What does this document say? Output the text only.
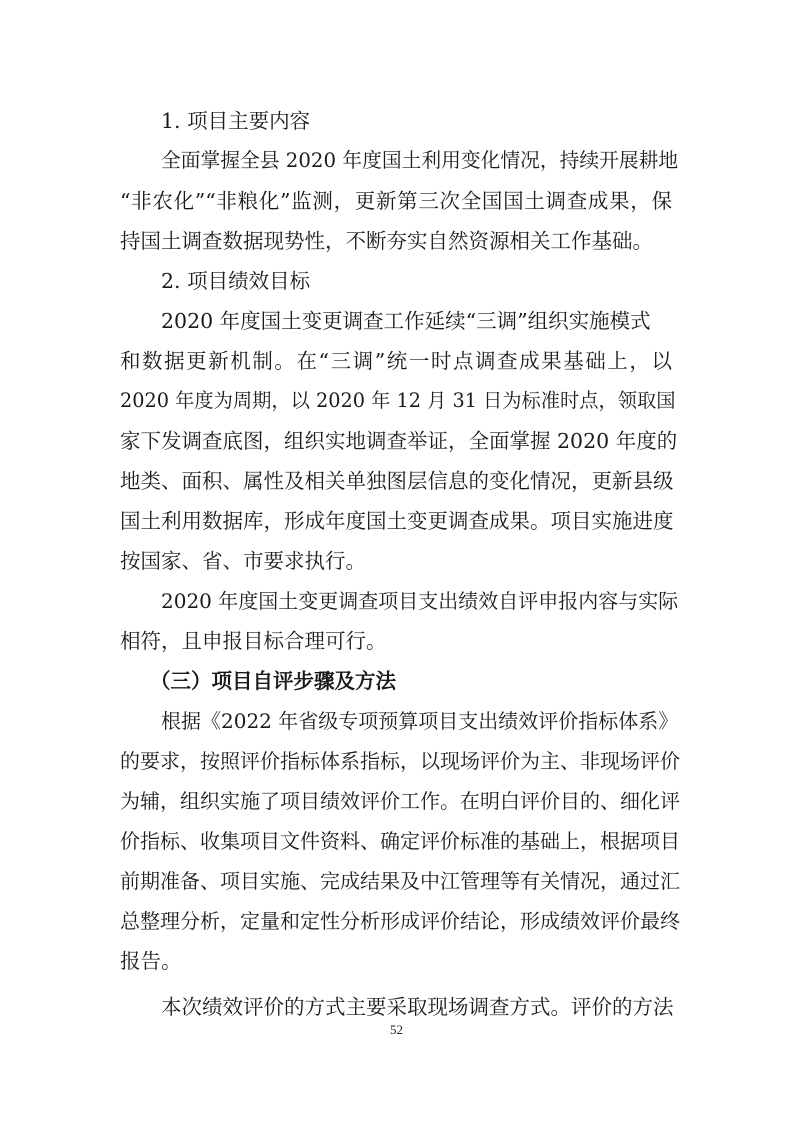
1. 项目主要内容
全面掌握全县 2020 年度国土利用变化情况，持续开展耕地
“非农化”“非粮化”监测，更新第三次全国国土调查成果，保
持国土调查数据现势性，不断夯实自然资源相关工作基础。
2. 项目绩效目标
2020 年度国土变更调查工作延续“三调”组织实施模式
和数据更新机制。在“三调”统一时点调查成果基础上，以
2020 年度为周期，以 2020 年 12 月 31 日为标准时点，领取国
家下发调查底图，组织实地调查举证，全面掌握 2020 年度的
地类、面积、属性及相关单独图层信息的变化情况，更新县级
国土利用数据库，形成年度国土变更调查成果。项目实施进度
按国家、省、市要求执行。
2020 年度国土变更调查项目支出绩效自评申报内容与实际
相符，且申报目标合理可行。
（三）项目自评步骤及方法
根据《2022 年省级专项预算项目支出绩效评价指标体系》
的要求，按照评价指标体系指标，以现场评价为主、非现场评价
为辅，组织实施了项目绩效评价工作。在明白评价目的、细化评
价指标、收集项目文件资料、确定评价标准的基础上，根据项目
前期准备、项目实施、完成结果及中江管理等有关情况，通过汇
总整理分析，定量和定性分析形成评价结论，形成绩效评价最终
报告。
本次绩效评价的方式主要采取现场调查方式。评价的方法
52
